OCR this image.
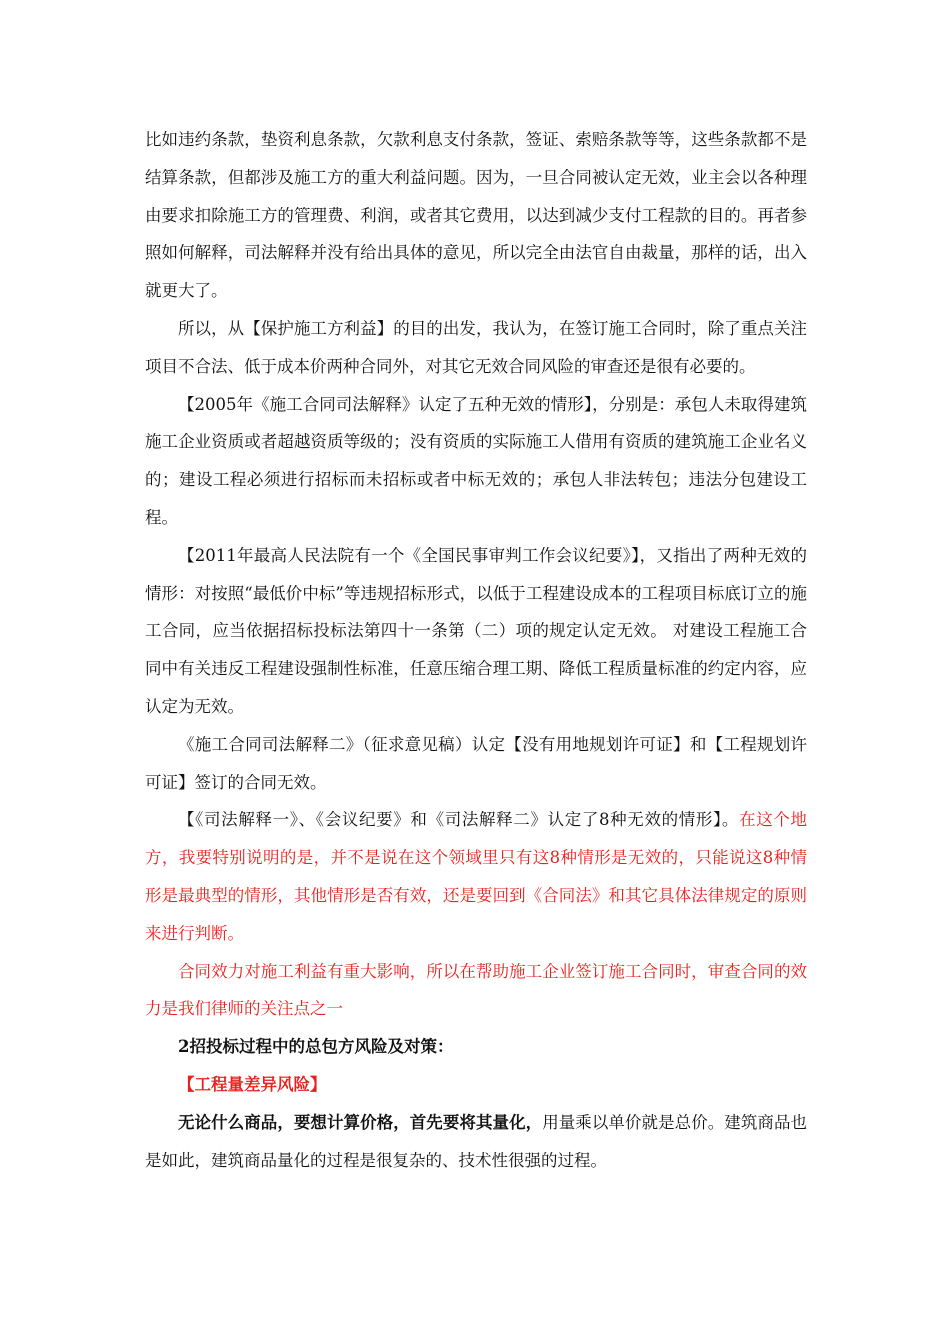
比如违约条款，垫资利息条款，欠款利息支付条款，签证、索赔条款等等，这些条款都不是结算条款，但都涉及施工方的重大利益问题。因为，一旦合同被认定无效，业主会以各种理由要求扣除施工方的管理费、利润，或者其它费用，以达到减少支付工程款的目的。再者参照如何解释，司法解释并没有给出具体的意见，所以完全由法官自由裁量，那样的话，出入就更大了。

所以，从【保护施工方利益】的目的出发，我认为，在签订施工合同时，除了重点关注项目不合法、低于成本价两种合同外，对其它无效合同风险的审查还是很有必要的。

【2005年《施工合同司法解释》认定了五种无效的情形】，分别是：承包人未取得建筑施工企业资质或者超越资质等级的；没有资质的实际施工人借用有资质的建筑施工企业名义的；建设工程必须进行招标而未招标或者中标无效的；承包人非法转包；违法分包建设工程。

【2011年最高人民法院有一个《全国民事审判工作会议纪要》】，又指出了两种无效的情形：对按照“最低价中标”等违规招标形式，以低于工程建设成本的工程项目标底订立的施工合同，应当依据招标投标法第四十一条第（二）项的规定认定无效。 对建设工程施工合同中有关违反工程建设强制性标准，任意压缩合理工期、降低工程质量标准的约定内容，应认定为无效。

《施工合同司法解释二》（征求意见稿）认定【没有用地规划许可证】和【工程规划许可证】签订的合同无效。

【《司法解释一》、《会议纪要》和《司法解释二》认定了8种无效的情形】。在这个地方，我要特别说明的是，并不是说在这个领域里只有这8种情形是无效的，只能说这8种情形是最典型的情形，其他情形是否有效，还是要回到《合同法》和其它具体法律规定的原则来进行判断。

合同效力对施工利益有重大影响，所以在帮助施工企业签订施工合同时，审查合同的效力是我们律师的关注点之一

2招投标过程中的总包方风险及对策：

【工程量差异风险】

无论什么商品，要想计算价格，首先要将其量化，用量乘以单价就是总价。建筑商品也是如此，建筑商品量化的过程是很复杂的、技术性很强的过程。
